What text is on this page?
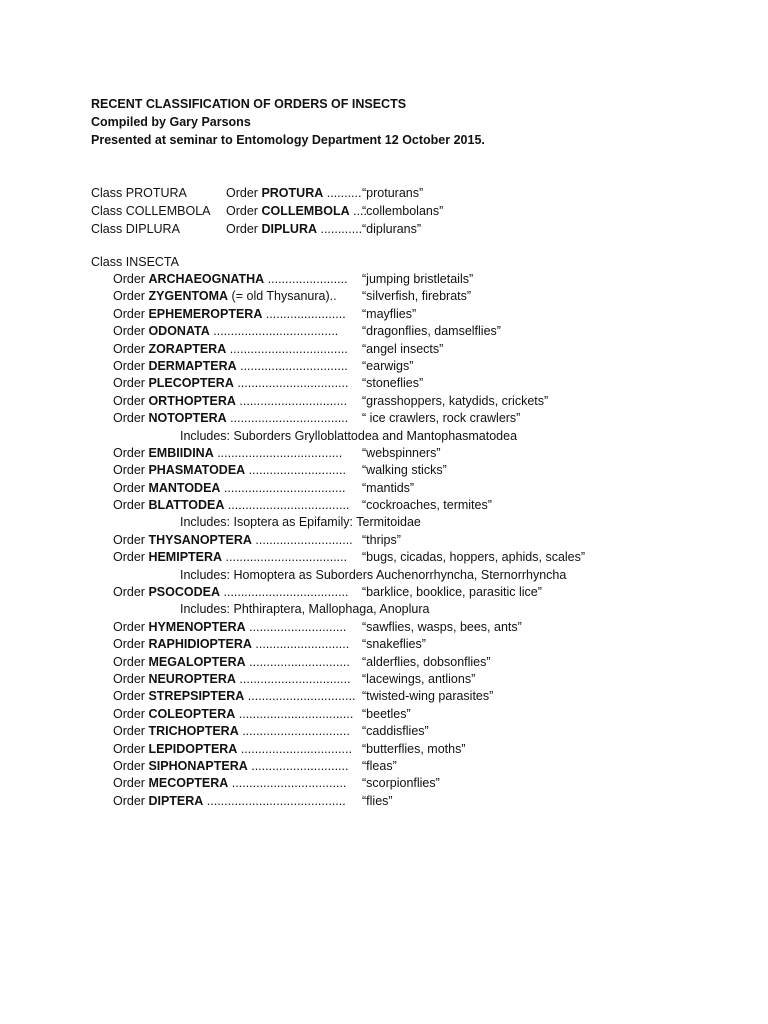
RECENT CLASSIFICATION OF ORDERS OF INSECTS
Compiled by Gary Parsons
Presented at seminar to Entomology Department 12 October 2015.
Class PROTURA	Order PROTURA .......... “proturans”
Class COLLEMBOLA Order COLLEMBOLA ....
“collembolans”
Class DIPLURA	Order DIPLURA ............ “diplurans”
Class INSECTA
Order ARCHAEOGNATHA ....................... “jumping bristletails”
Order ZYGENTOMA (= old Thysanura).. “silverfish, firebrats”
Order EPHEMEROPTERA ....................... “mayflies”
Order ODONATA .................................... “dragonflies, damselflies”
Order ZORAPTERA .................................. “angel insects”
Order DERMAPTERA ............................... “earwigs”
Order PLECOPTERA ................................ “stoneflies”
Order ORTHOPTERA ............................... “grasshoppers, katydids, crickets”
Order NOTOPTERA .................................. “ ice crawlers, rock crawlers”
Includes: Suborders Grylloblattodea and Mantophasmatodea
Order EMBIIDINA .................................... “webspinners”
Order PHASMATODEA ............................ “walking sticks”
Order MANTODEA ................................... “mantids”
Order BLATTODEA ................................... “cockroaches, termites”
Includes: Isoptera as Epifamily: Termitoidae
Order THYSANOPTERA ............................ “thrips”
Order HEMIPTERA ................................... “bugs, cicadas, hoppers, aphids, scales”
Includes: Homoptera as Suborders Auchenorrhyncha, Sternorrhyncha
Order PSOCODEA .................................... “barklice, booklice, parasitic lice”
Includes: Phthiraptera, Mallophaga, Anoplura
Order HYMENOPTERA ............................ “sawflies, wasps, bees, ants”
Order RAPHIDIOPTERA ........................... “snakeflies”
Order MEGALOPTERA ............................. “alderflies, dobsonflies”
Order NEUROPTERA ................................ “lacewings, antlions”
Order STREPSIPTERA ............................... “twisted-wing parasites”
Order COLEOPTERA ................................. “beetles”
Order TRICHOPTERA ............................... “caddisflies”
Order LEPIDOPTERA ................................ “butterflies, moths”
Order SIPHONAPTERA ............................ “fleas”
Order MECOPTERA ................................. “scorpionflies”
Order DIPTERA ........................................ “flies”
